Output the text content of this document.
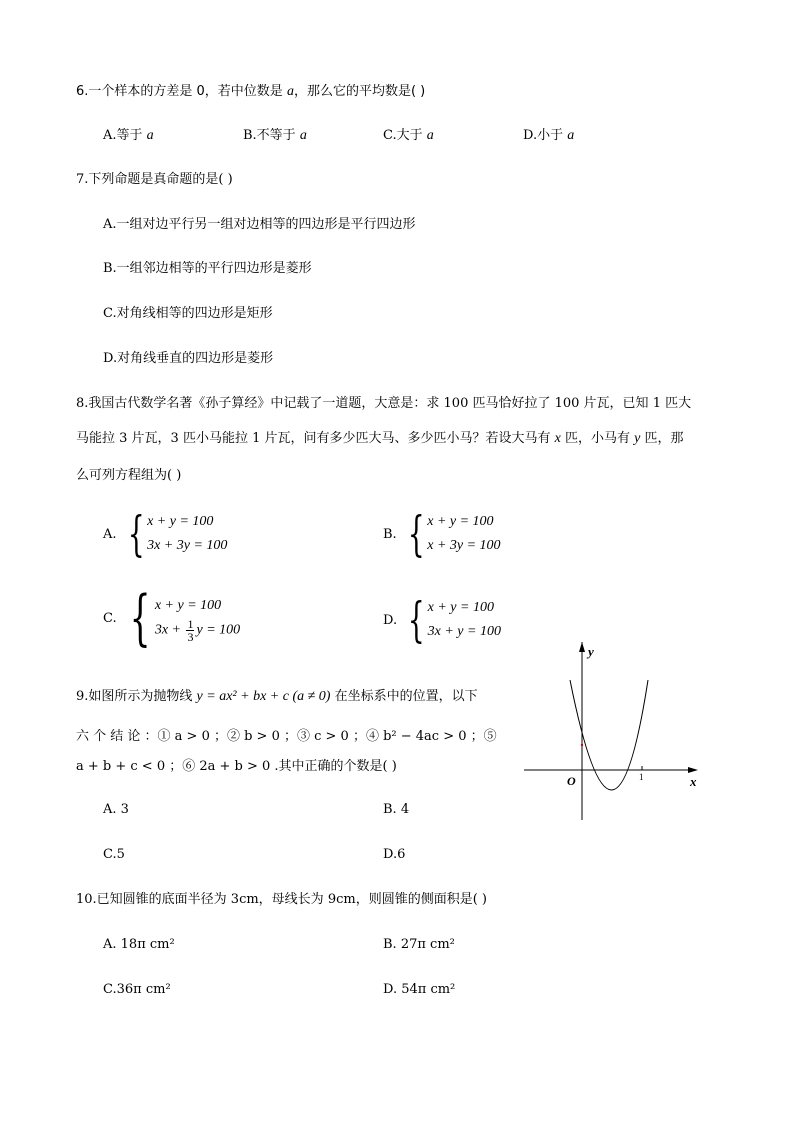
6.一个样本的方差是 0，若中位数是 a，那么它的平均数是( )
A.等于 a	B.不等于 a	C.大于 a	D.小于 a
7.下列命题是真命题的是( )
A.一组对边平行另一组对边相等的四边形是平行四边形
B.一组邻边相等的平行四边形是菱形
C.对角线相等的四边形是矩形
D.对角线垂直的四边形是菱形
8.我国古代数学名著《孙子算经》中记载了一道题，大意是：求 100 匹马恰好拉了 100 片瓦，已知 1 匹大
马能拉 3 片瓦，3 匹小马能拉 1 片瓦，问有多少匹大马、多少匹小马？若设大马有 x 匹，小马有 y 匹，那
么可列方程组为( )
A. { x + y = 100
3x + 3y = 100
B. { x + y = 100
x + 3y = 100
C. { x + y = 100
$3x + \frac{1}{3}$ y = 100
D. { x + y = 100
3x + y = 100
9.如图所示为抛物线 y = ax² + bx + c (a ≠ 0) 在坐标系中的位置，以下
六 个 结 论 ：① a > 0 ；② b > 0 ；③ c > 0 ；④ b² − 4ac > 0 ；⑤
a + b + c < 0 ；⑥ 2a + b > 0 .其中正确的个数是( )
A. 3	B. 4
C.5	D.6
y
x
O	1
10.已知圆锥的底面半径为 3cm，母线长为 9cm，则圆锥的侧面积是( )
A. 18π cm²	B. 27π cm²
C.36π cm²	D. 54π cm²
